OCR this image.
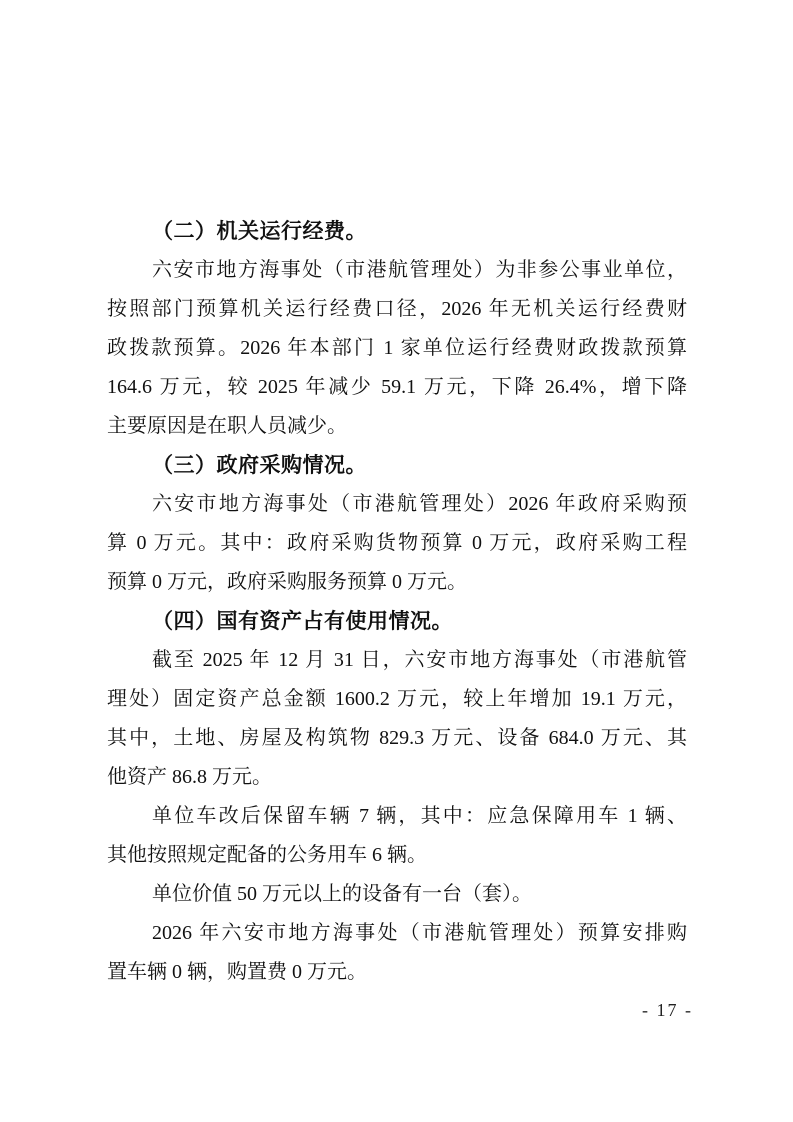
（二）机关运行经费。
六安市地方海事处（市港航管理处）为非参公事业单位，
按照部门预算机关运行经费口径，2026 年无机关运行经费财
政拨款预算。2026 年本部门 1 家单位运行经费财政拨款预算
164.6 万元，较 2025 年减少 59.1 万元，下降 26.4%，增下降
主要原因是在职人员减少。
（三）政府采购情况。
六安市地方海事处（市港航管理处）2026 年政府采购预
算 0 万元。其中：政府采购货物预算 0 万元，政府采购工程
预算 0 万元，政府采购服务预算 0 万元。
（四）国有资产占有使用情况。
截至 2025 年 12 月 31 日，六安市地方海事处（市港航管
理处）固定资产总金额 1600.2 万元，较上年增加 19.1 万元，
其中，土地、房屋及构筑物 829.3 万元、设备 684.0 万元、其
他资产 86.8 万元。
单位车改后保留车辆 7 辆，其中：应急保障用车 1 辆、
其他按照规定配备的公务用车 6 辆。
单位价值 50 万元以上的设备有一台（套）。
2026 年六安市地方海事处（市港航管理处）预算安排购
置车辆 0 辆，购置费 0 万元。
- 17 -
